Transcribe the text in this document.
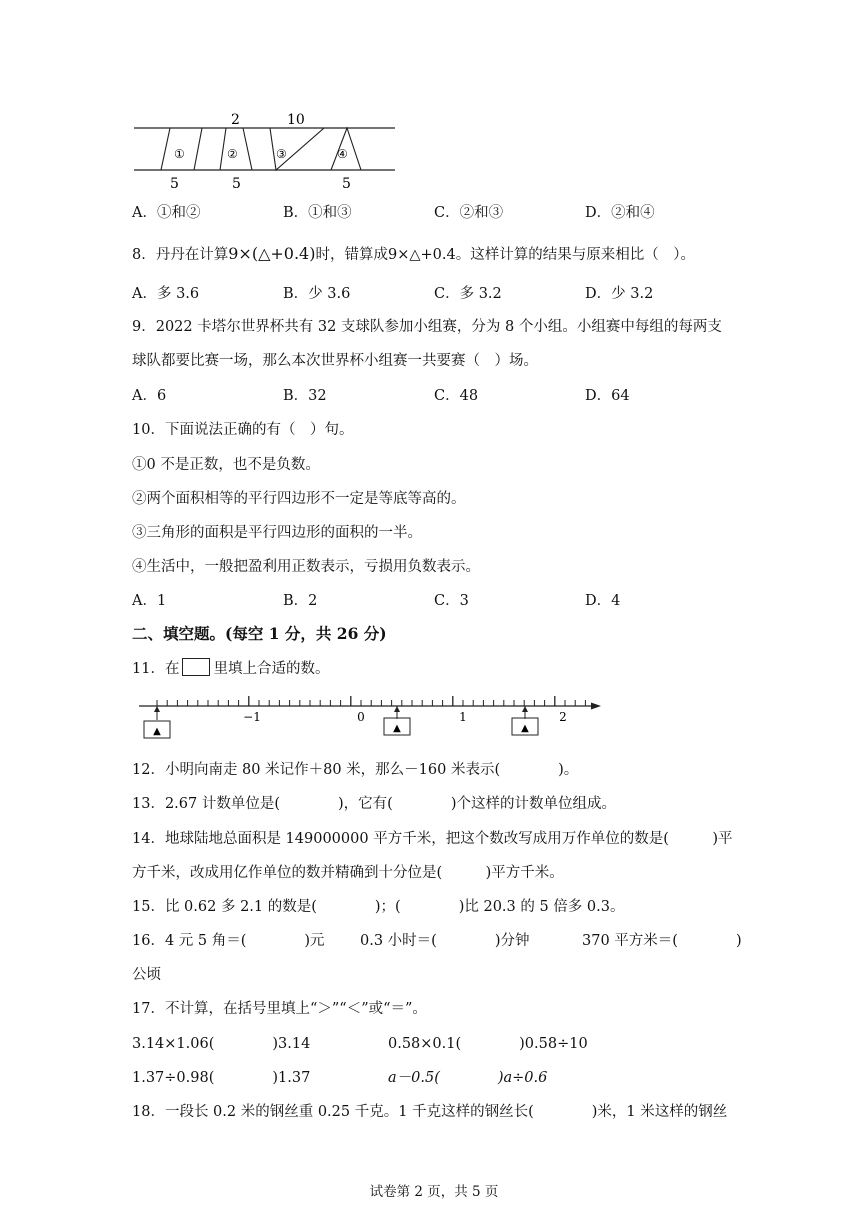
2	10
5	5	5
①	②	③	④
A．①和②	B．①和③	C．②和③	D．②和④
8．丹丹在计算9×(△+0.4)时，错算成9×△+0.4。这样计算的结果与原来相比（　）。
A．多 3.6	B．少 3.6	C．多 3.2	D．少 3.2
9．2022 卡塔尔世界杯共有 32 支球队参加小组赛，分为 8 个小组。小组赛中每组的每两支
球队都要比赛一场，那么本次世界杯小组赛一共要赛（　）场。
A．6	B．32	C．48	D．64
10．下面说法正确的有（　）句。
①0 不是正数，也不是负数。
②两个面积相等的平行四边形不一定是等底等高的。
③三角形的面积是平行四边形的面积的一半。
④生活中，一般把盈利用正数表示，亏损用负数表示。
A．1	B．2	C．3	D．4
二、填空题。(每空 1 分，共 26 分)
11．在 里填上合适的数。
−1	0	1	2
▲	▲	▲
12．小明向南走 80 米记作＋80 米，那么－160 米表示(　　　　)。
13．2.67 计数单位是(　　　　)，它有(　　　　)个这样的计数单位组成。
14．地球陆地总面积是 149000000 平方千米，把这个数改写成用万作单位的数是(　　　)平
方千米，改成用亿作单位的数并精确到十分位是(　　　)平方千米。
15．比 0.62 多 2.1 的数是(　　　　)；(　　　　)比 20.3 的 5 倍多 0.3。
16．4 元 5 角＝(　　　　)元 0.3 小时＝(　　　　)分钟	370 平方米＝(　　　　)
公顷
17．不计算，在括号里填上“＞”“＜”或“＝”。
3.14×1.06(　　　　)3.14	0.58×0.1(　　　　)0.58÷10
1.37÷0.98(　　　　)1.37	a－0.5(　　　　)a÷0.6
18．一段长 0.2 米的钢丝重 0.25 千克。1 千克这样的钢丝长(　　　　)米，1 米这样的钢丝
试卷第 2 页，共 5 页
